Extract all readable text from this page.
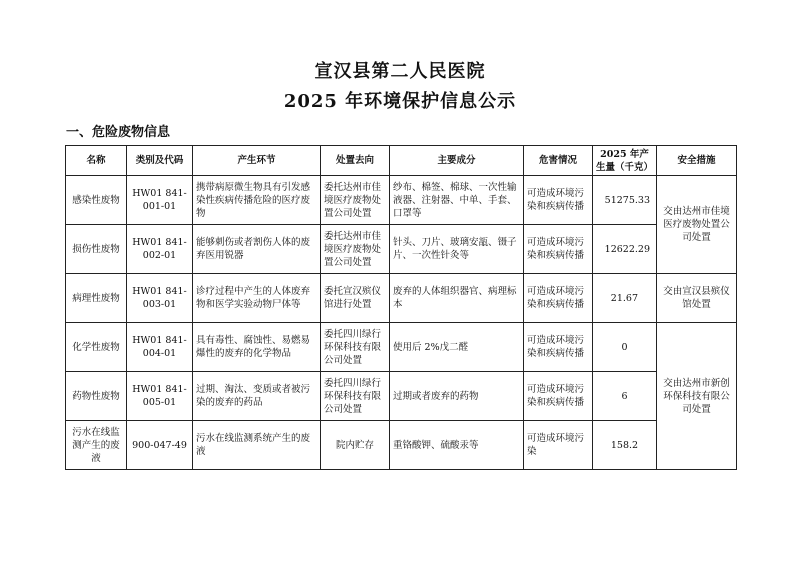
宣汉县第二人民医院
2025 年环境保护信息公示
一、危险废物信息
名称	类别及代码	产生环节	处置去向	主要成分	危害情况	2025 年产生量（千克）	安全措施
感染性废物	HW01 841-001-01	携带病原微生物具有引发感染性疾病传播危险的医疗废物	委托达州市佳境医疗废物处置公司处置	纱布、棉签、棉球、一次性输液器、注射器、中单、手套、口罩等	可造成环境污染和疾病传播	51275.33	交由达州市佳境医疗废物处置公司处置
损伤性废物	HW01 841-002-01	能够刺伤或者割伤人体的废弃医用锐器	委托达州市佳境医疗废物处置公司处置	针头、刀片、玻璃安瓿、镊子片、一次性针灸等	可造成环境污染和疾病传播	12622.29	
病理性废物	HW01 841-003-01	诊疗过程中产生的人体废弃物和医学实验动物尸体等	委托宣汉殡仪馆进行处置	废弃的人体组织器官、病理标本	可造成环境污染和疾病传播	21.67	交由宣汉县殡仪馆处置
化学性废物	HW01 841-004-01	具有毒性、腐蚀性、易燃易爆性的废弃的化学物品	委托四川绿行环保科技有限公司处置	使用后 2%戊二醛	可造成环境污染和疾病传播	0	交由达州市新创环保科技有限公司处置
药物性废物	HW01 841-005-01	过期、淘汰、变质或者被污染的废弃的药品	委托四川绿行环保科技有限公司处置	过期或者废弃的药物	可造成环境污染和疾病传播	6	
污水在线监测产生的废液	900-047-49	污水在线监测系统产生的废液	院内贮存	重铬酸钾、硫酸汞等	可造成环境污染	158.2	
